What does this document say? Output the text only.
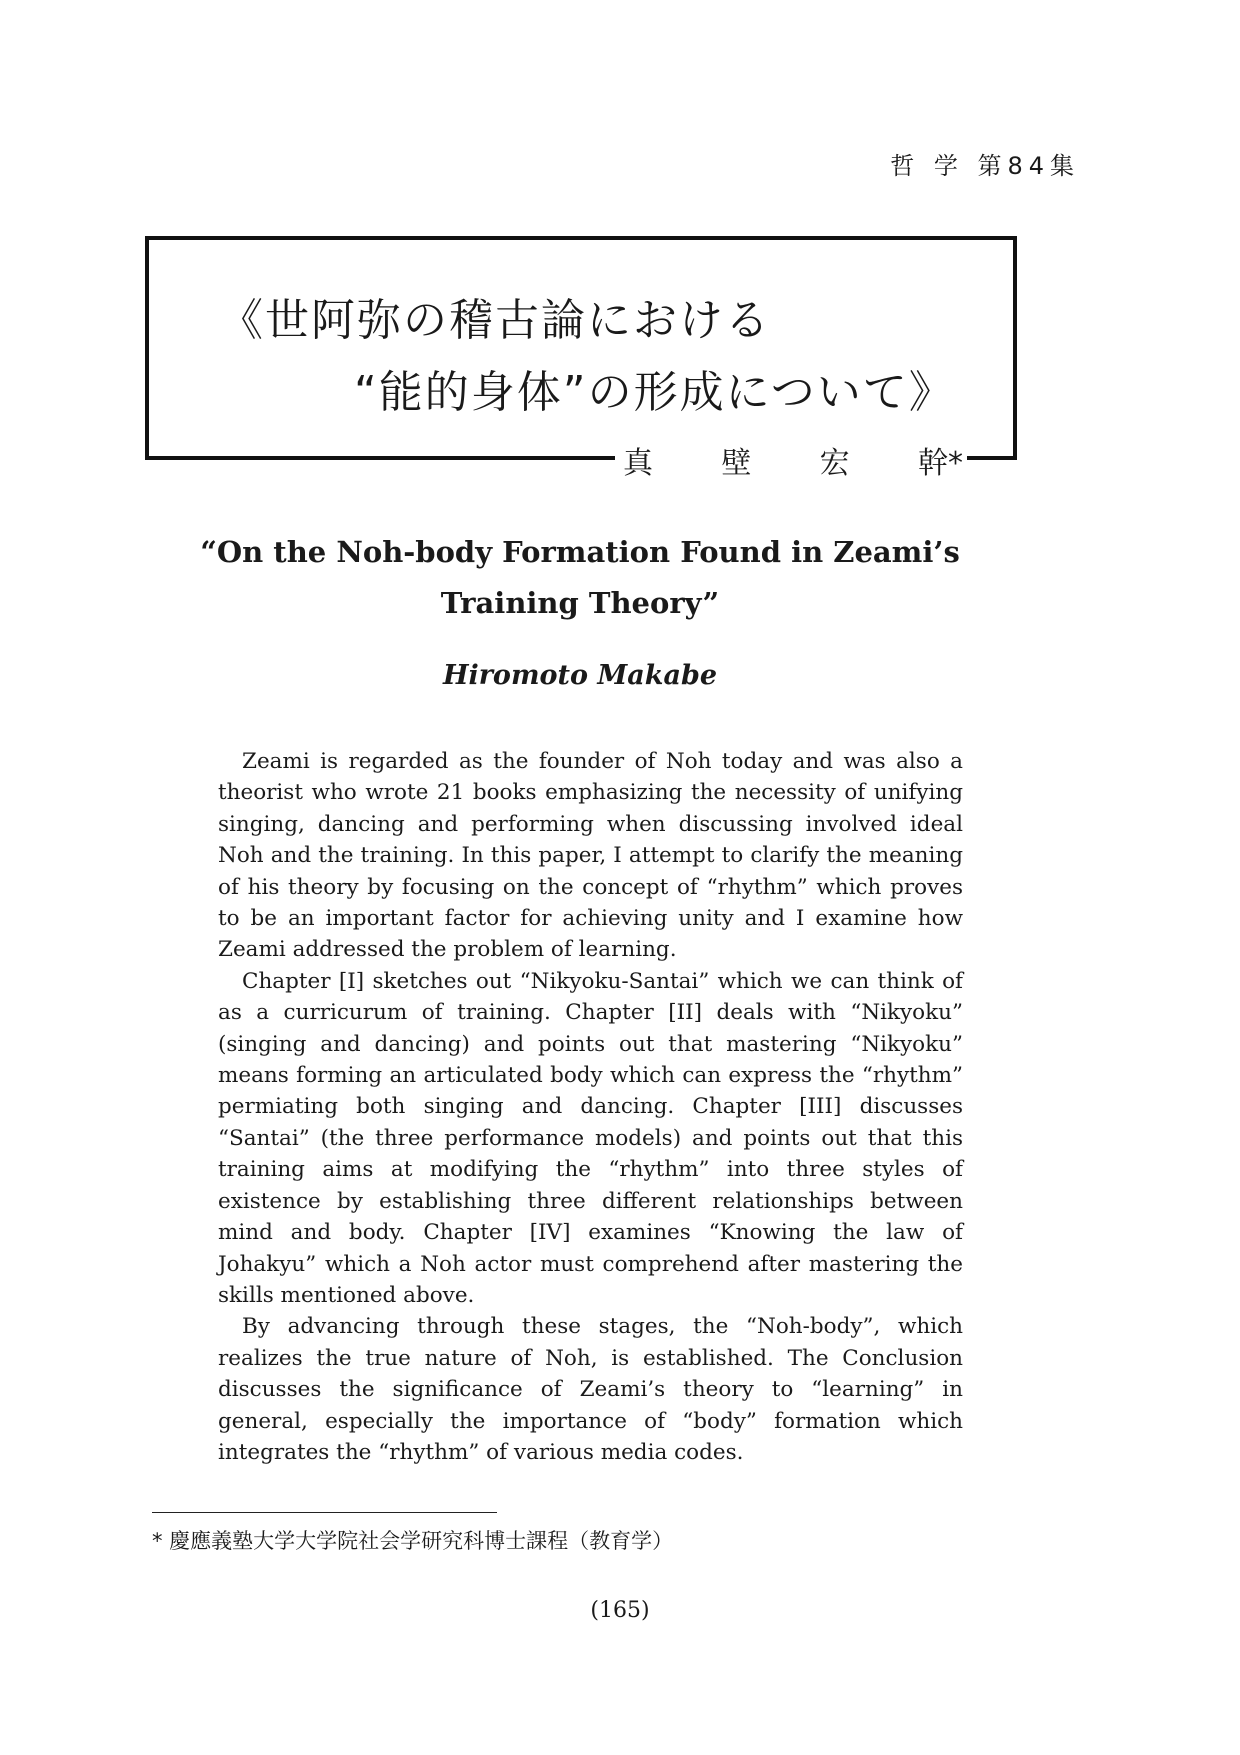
哲 学 第84集
《世阿弥の稽古論における
“能的身体”の形成について》
真 壁 宏 幹*
“On the Noh-body Formation Found in Zeami’s
Training Theory”
Hiromoto Makabe

Zeami is regarded as the founder of Noh today and was also a theorist who wrote 21 books emphasizing the necessity of unifying singing, dancing and performing when discussing involved ideal Noh and the training. In this paper, I attempt to clarify the meaning of his theory by focusing on the concept of “rhythm” which proves to be an important factor for achieving unity and I examine how Zeami addressed the problem of learning.

Chapter [I] sketches out “Nikyoku-Santai” which we can think of as a curricurum of training. Chapter [II] deals with “Nikyoku” (singing and dancing) and points out that mastering “Nikyoku” means forming an articulated body which can express the “rhythm” permiating both singing and dancing. Chapter [III] discusses “Santai” (the three performance models) and points out that this training aims at modifying the “rhythm” into three styles of existence by establishing three different relationships between mind and body. Chapter [IV] examines “Knowing the law of Johakyu” which a Noh actor must comprehend after mastering the skills mentioned above.

By advancing through these stages, the “Noh-body”, which realizes the true nature of Noh, is established. The Conclusion discusses the significance of Zeami’s theory to “learning” in general, especially the importance of “body” formation which integrates the “rhythm” of various media codes.

* 慶應義塾大学大学院社会学研究科博士課程（教育学）
(165)
